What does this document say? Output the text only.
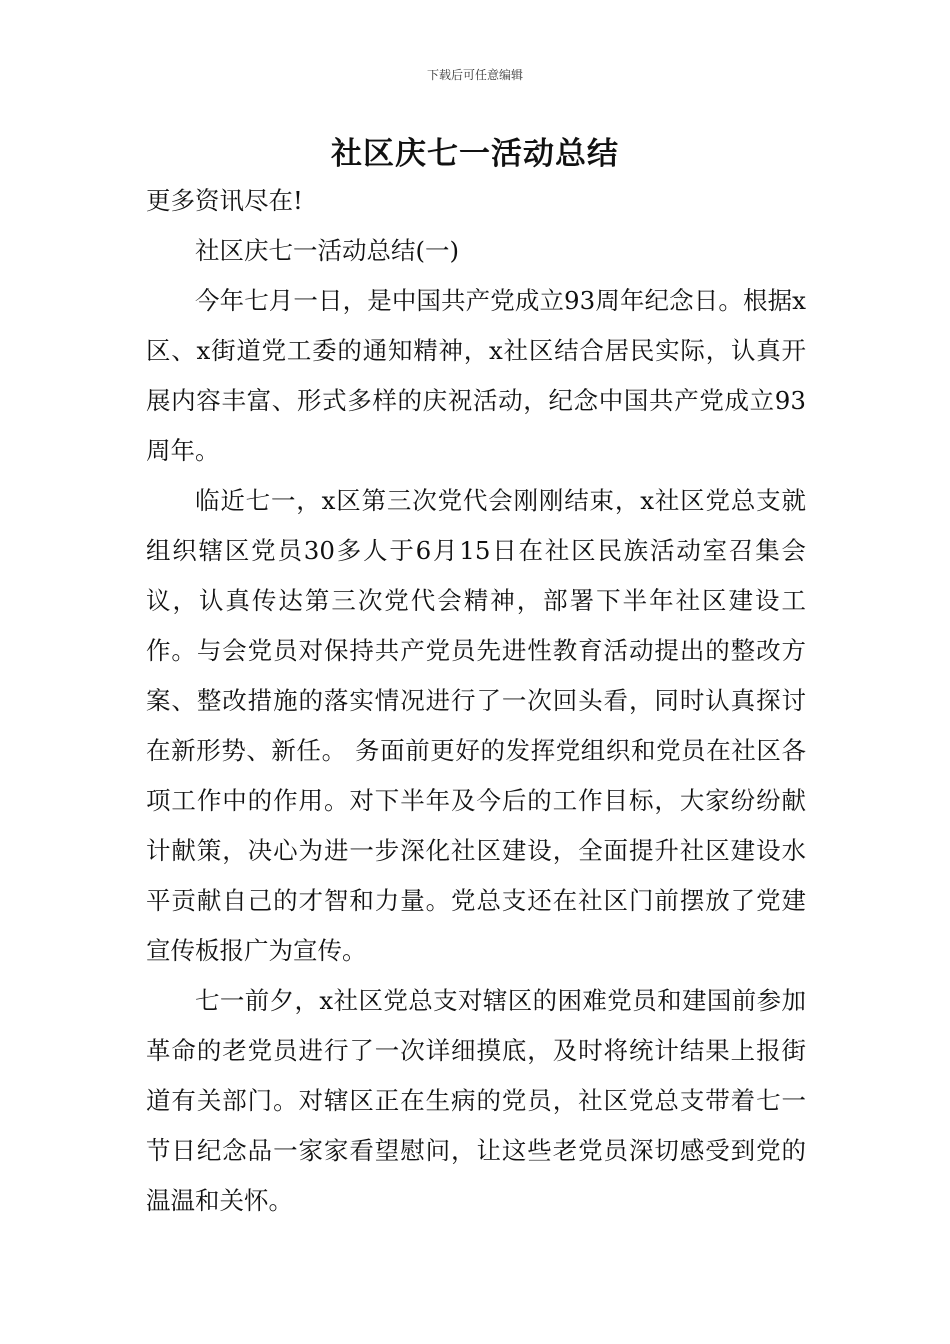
下载后可任意编辑
社区庆七一活动总结

更多资讯尽在!

社区庆七一活动总结(一)

今年七月一日，是中国共产党成立93周年纪念日。根据x区、x街道党工委的通知精神，x社区结合居民实际，认真开展内容丰富、形式多样的庆祝活动，纪念中国共产党成立93周年。

临近七一，x区第三次党代会刚刚结束，x社区党总支就组织辖区党员30多人于6月15日在社区民族活动室召集会议，认真传达第三次党代会精神，部署下半年社区建设工作。与会党员对保持共产党员先进性教育活动提出的整改方案、整改措施的落实情况进行了一次回头看，同时认真探讨在新形势、新任。 务面前更好的发挥党组织和党员在社区各项工作中的作用。对下半年及今后的工作目标，大家纷纷献计献策，决心为进一步深化社区建设，全面提升社区建设水平贡献自己的才智和力量。党总支还在社区门前摆放了党建宣传板报广为宣传。

七一前夕，x社区党总支对辖区的困难党员和建国前参加革命的老党员进行了一次详细摸底，及时将统计结果上报街道有关部门。对辖区正在生病的党员，社区党总支带着七一节日纪念品一家家看望慰问，让这些老党员深切感受到党的温温和关怀。
